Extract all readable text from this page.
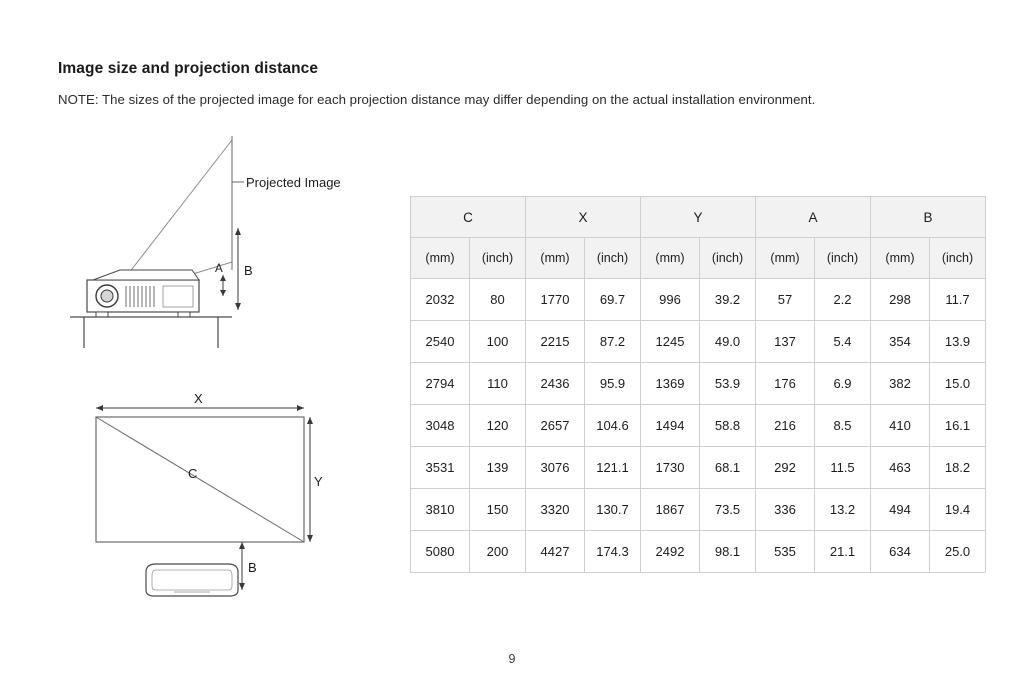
Image size and projection distance
NOTE: The sizes of the projected image for each projection distance may differ depending on the actual installation environment.
Projected Image
B
A
X
C
Y
B
C		X		Y		A		B	
(mm)	(inch)	(mm)	(inch)	(mm)	(inch)	(mm)	(inch)	(mm)	(inch)
2032	80	1770	69.7	996	39.2	57	2.2	298	11.7
2540	100	2215	87.2	1245	49.0	137	5.4	354	13.9
2794	110	2436	95.9	1369	53.9	176	6.9	382	15.0
3048	120	2657	104.6	1494	58.8	216	8.5	410	16.1
3531	139	3076	121.1	1730	68.1	292	11.5	463	18.2
3810	150	3320	130.7	1867	73.5	336	13.2	494	19.4
5080	200	4427	174.3	2492	98.1	535	21.1	634	25.0
9
